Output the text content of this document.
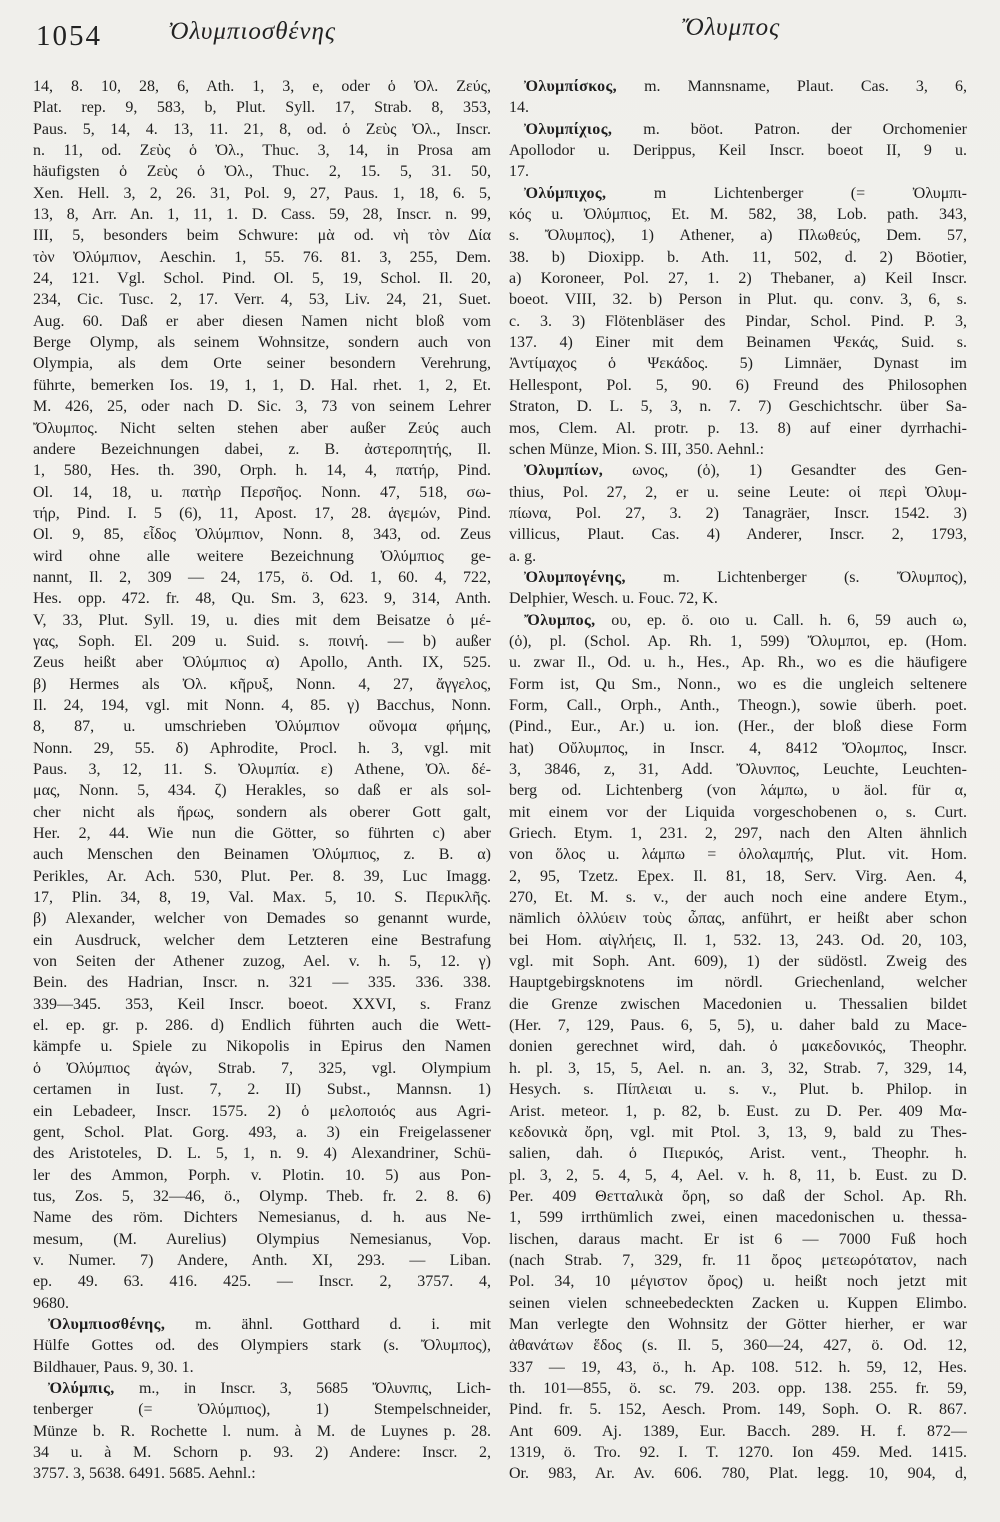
1054	Ὀλυμπιοσθένης	Ὄλυμπος
14, 8. 10, 28, 6, Ath. 1, 3, e, oder ὁ Ὀλ. Ζεύς,
Plat. rep. 9, 583, b, Plut. Syll. 17, Strab. 8, 353,
Paus. 5, 14, 4. 13, 11. 21, 8, od. ὁ Ζεὺς Ὀλ., Inscr.
n. 11, od. Ζεὺς ὁ Ὀλ., Thuc. 3, 14, in Prosa am
häufigsten ὁ Ζεὺς ὁ Ὀλ., Thuc. 2, 15. 5, 31. 50,
Xen. Hell. 3, 2, 26. 31, Pol. 9, 27, Paus. 1, 18, 6. 5,
13, 8, Arr. An. 1, 11, 1. D. Cass. 59, 28, Inscr. n. 99,
III, 5, besonders beim Schwure: μὰ od. νὴ τὸν Δία
τὸν Ὀλύμπιον, Aeschin. 1, 55. 76. 81. 3, 255, Dem.
24, 121. Vgl. Schol. Pind. Ol. 5, 19, Schol. Il. 20,
234, Cic. Tusc. 2, 17. Verr. 4, 53, Liv. 24, 21, Suet.
Aug. 60. Daß er aber diesen Namen nicht bloß vom
Berge Olymp, als seinem Wohnsitze, sondern auch von
Olympia, als dem Orte seiner besondern Verehrung,
führte, bemerken Ios. 19, 1, 1, D. Hal. rhet. 1, 2, Et.
M. 426, 25, oder nach D. Sic. 3, 73 von seinem Lehrer
Ὄλυμπος. Nicht selten stehen aber außer Ζεύς auch
andere Bezeichnungen dabei, z. B. ἀστεροπητής, Il.
1, 580, Hes. th. 390, Orph. h. 14, 4, πατήρ, Pind.
Ol. 14, 18, u. πατὴρ Περσῆος. Nonn. 47, 518, σω-
τήρ, Pind. I. 5 (6), 11, Apost. 17, 28. ἁγεμών, Pind.
Ol. 9, 85, εἶδος Ὀλύμπιον, Nonn. 8, 343, od. Zeus
wird ohne alle weitere Bezeichnung Ὀλύμπιος ge-
nannt, Il. 2, 309 — 24, 175, ö. Od. 1, 60. 4, 722,
Hes. opp. 472. fr. 48, Qu. Sm. 3, 623. 9, 314, Anth.
V, 33, Plut. Syll. 19, u. dies mit dem Beisatze ὁ μέ-
γας, Soph. El. 209 u. Suid. s. ποινή. — b) außer
Zeus heißt aber Ὀλύμπιος α) Apollo, Anth. IX, 525.
β) Hermes als Ὀλ. κῆρυξ, Nonn. 4, 27, ἄγγελος,
Il. 24, 194, vgl. mit Nonn. 4, 85. γ) Bacchus, Nonn.
8, 87, u. umschrieben Ὀλύμπιον οὔνομα φήμης,
Nonn. 29, 55. δ) Aphrodite, Procl. h. 3, vgl. mit
Paus. 3, 12, 11. S. Ὀλυμπία. ε) Athene, Ὀλ. δέ-
μας, Nonn. 5, 434. ζ) Herakles, so daß er als sol-
cher nicht als ἥρως, sondern als oberer Gott galt,
Her. 2, 44. Wie nun die Götter, so führten c) aber
auch Menschen den Beinamen Ὀλύμπιος, z. B. α)
Perikles, Ar. Ach. 530, Plut. Per. 8. 39, Luc Imagg.
17, Plin. 34, 8, 19, Val. Max. 5, 10. S. Περικλῆς.
β) Alexander, welcher von Demades so genannt wurde,
ein Ausdruck, welcher dem Letzteren eine Bestrafung
von Seiten der Athener zuzog, Ael. v. h. 5, 12. γ)
Bein. des Hadrian, Inscr. n. 321 — 335. 336. 338.
339—345. 353, Keil Inscr. boeot. XXVI, s. Franz
el. ep. gr. p. 286. d) Endlich führten auch die Wett-
kämpfe u. Spiele zu Nikopolis in Epirus den Namen
ὁ Ὀλύμπιος ἀγών, Strab. 7, 325, vgl. Olympium
certamen in Iust. 7, 2. II) Subst., Mannsn. 1)
ein Lebadeer, Inscr. 1575. 2) ὁ μελοποιός aus Agri-
gent, Schol. Plat. Gorg. 493, a. 3) ein Freigelassener
des Aristoteles, D. L. 5, 1, n. 9. 4) Alexandriner, Schü-
ler des Ammon, Porph. v. Plotin. 10. 5) aus Pon-
tus, Zos. 5, 32—46, ö., Olymp. Theb. fr. 2. 8. 6)
Name des röm. Dichters Nemesianus, d. h. aus Ne-
mesum, (M. Aurelius) Olympius Nemesianus, Vop.
v. Numer. 7) Andere, Anth. XI, 293. — Liban.
ep. 49. 63. 416. 425. — Inscr. 2, 3757. 4,
9680.
Ὀλυμπιοσθένης, m. ähnl. Gotthard d. i. mit
Hülfe Gottes od. des Olympiers stark (s. Ὄλυμπος),
Bildhauer, Paus. 9, 30. 1.
Ὀλύμπις, m., in Inscr. 3, 5685 Ὄλυνπις, Lich-
tenberger (= Ὀλύμπιος), 1) Stempelschneider,
Münze b. R. Rochette l. num. à M. de Luynes p. 28.
34 u. à M. Schorn p. 93. 2) Andere: Inscr. 2,
3757. 3, 5638. 6491. 5685. Aehnl.:
Ὀλυμπίσκος, m. Mannsname, Plaut. Cas. 3, 6,
14.
Ὀλυμπίχιος, m. böot. Patron. der Orchomenier
Apollodor u. Derippus, Keil Inscr. boeot II, 9 u.
17.
Ὀλύμπιχος, m Lichtenberger (= Ὀλυμπι-
κός u. Ὀλύμπιος, Et. M. 582, 38, Lob. path. 343,
s. Ὄλυμπος), 1) Athener, a) Πλωθεύς, Dem. 57,
38. b) Dioxipp. b. Ath. 11, 502, d. 2) Böotier,
a) Koroneer, Pol. 27, 1. 2) Thebaner, a) Keil Inscr.
boeot. VIII, 32. b) Person in Plut. qu. conv. 3, 6, s.
c. 3. 3) Flötenbläser des Pindar, Schol. Pind. P. 3,
137. 4) Einer mit dem Beinamen Ψεκάς, Suid. s.
Ἀντίμαχος ὁ Ψεκάδος. 5) Limnäer, Dynast im
Hellespont, Pol. 5, 90. 6) Freund des Philosophen
Straton, D. L. 5, 3, n. 7. 7) Geschichtschr. über Sa-
mos, Clem. Al. protr. p. 13. 8) auf einer dyrrhachi-
schen Münze, Mion. S. III, 350. Aehnl.:
Ὀλυμπίων, ωνος, (ὁ), 1) Gesandter des Gen-
thius, Pol. 27, 2, er u. seine Leute: οἱ περὶ Ὀλυμ-
πίωνα, Pol. 27, 3. 2) Tanagräer, Inscr. 1542. 3)
villicus, Plaut. Cas. 4) Anderer, Inscr. 2, 1793,
a. g.
Ὀλυμπογένης, m. Lichtenberger (s. Ὄλυμπος),
Delphier, Wesch. u. Fouc. 72, K.
Ὄλυμπος, ου, ep. ö. οιο u. Call. h. 6, 59 auch ω,
(ὁ), pl. (Schol. Ap. Rh. 1, 599) Ὄλυμποι, ep. (Hom.
u. zwar Il., Od. u. h., Hes., Ap. Rh., wo es die häufigere
Form ist, Qu Sm., Nonn., wo es die ungleich seltenere
Form, Call., Orph., Anth., Theogn.), sowie überh. poet.
(Pind., Eur., Ar.) u. ion. (Her., der bloß diese Form
hat) Οὔλυμπος, in Inscr. 4, 8412 Ὄλομπος, Inscr.
3, 3846, z, 31, Add. Ὄλυνπος, Leuchte, Leuchten-
berg od. Lichtenberg (von λάμπω, υ äol. für α,
mit einem vor der Liquida vorgeschobenen o, s. Curt.
Griech. Etym. 1, 231. 2, 297, nach den Alten ähnlich
von ὅλος u. λάμπω = ὁλολαμπής, Plut. vit. Hom.
2, 95, Tzetz. Epex. Il. 81, 18, Serv. Virg. Aen. 4,
270, Et. M. s. v., der auch noch eine andere Etym.,
nämlich ὀλλύειν τοὺς ὦπας, anführt, er heißt aber schon
bei Hom. αἰγλήεις, Il. 1, 532. 13, 243. Od. 20, 103,
vgl. mit Soph. Ant. 609), 1) der südöstl. Zweig des
Hauptgebirgsknotens im nördl. Griechenland, welcher
die Grenze zwischen Macedonien u. Thessalien bildet
(Her. 7, 129, Paus. 6, 5, 5), u. daher bald zu Mace-
donien gerechnet wird, dah. ὁ μακεδονικός, Theophr.
h. pl. 3, 15, 5, Ael. n. an. 3, 32, Strab. 7, 329, 14,
Hesych. s. Πίπλειαι u. s. v., Plut. b. Philop. in
Arist. meteor. 1, p. 82, b. Eust. zu D. Per. 409 Μα-
κεδονικὰ ὄρη, vgl. mit Ptol. 3, 13, 9, bald zu Thes-
salien, dah. ὁ Πιερικός, Arist. vent., Theophr. h.
pl. 3, 2, 5. 4, 5, 4, Ael. v. h. 8, 11, b. Eust. zu D.
Per. 409 Θετταλικὰ ὄρη, so daß der Schol. Ap. Rh.
1, 599 irrthümlich zwei, einen macedonischen u. thessa-
lischen, daraus macht. Er ist 6 — 7000 Fuß hoch
(nach Strab. 7, 329, fr. 11 ὄρος μετεωρότατον, nach
Pol. 34, 10 μέγιστον ὄρος) u. heißt noch jetzt mit
seinen vielen schneebedeckten Zacken u. Kuppen Elimbo.
Man verlegte den Wohnsitz der Götter hierher, er war
ἀθανάτων ἕδος (s. Il. 5, 360—24, 427, ö. Od. 12,
337 — 19, 43, ö., h. Ap. 108. 512. h. 59, 12, Hes.
th. 101—855, ö. sc. 79. 203. opp. 138. 255. fr. 59,
Pind. fr. 5. 152, Aesch. Prom. 149, Soph. O. R. 867.
Ant 609. Aj. 1389, Eur. Bacch. 289. H. f. 872—
1319, ö. Tro. 92. I. T. 1270. Ion 459. Med. 1415.
Or. 983, Ar. Av. 606. 780, Plat. legg. 10, 904, d,
